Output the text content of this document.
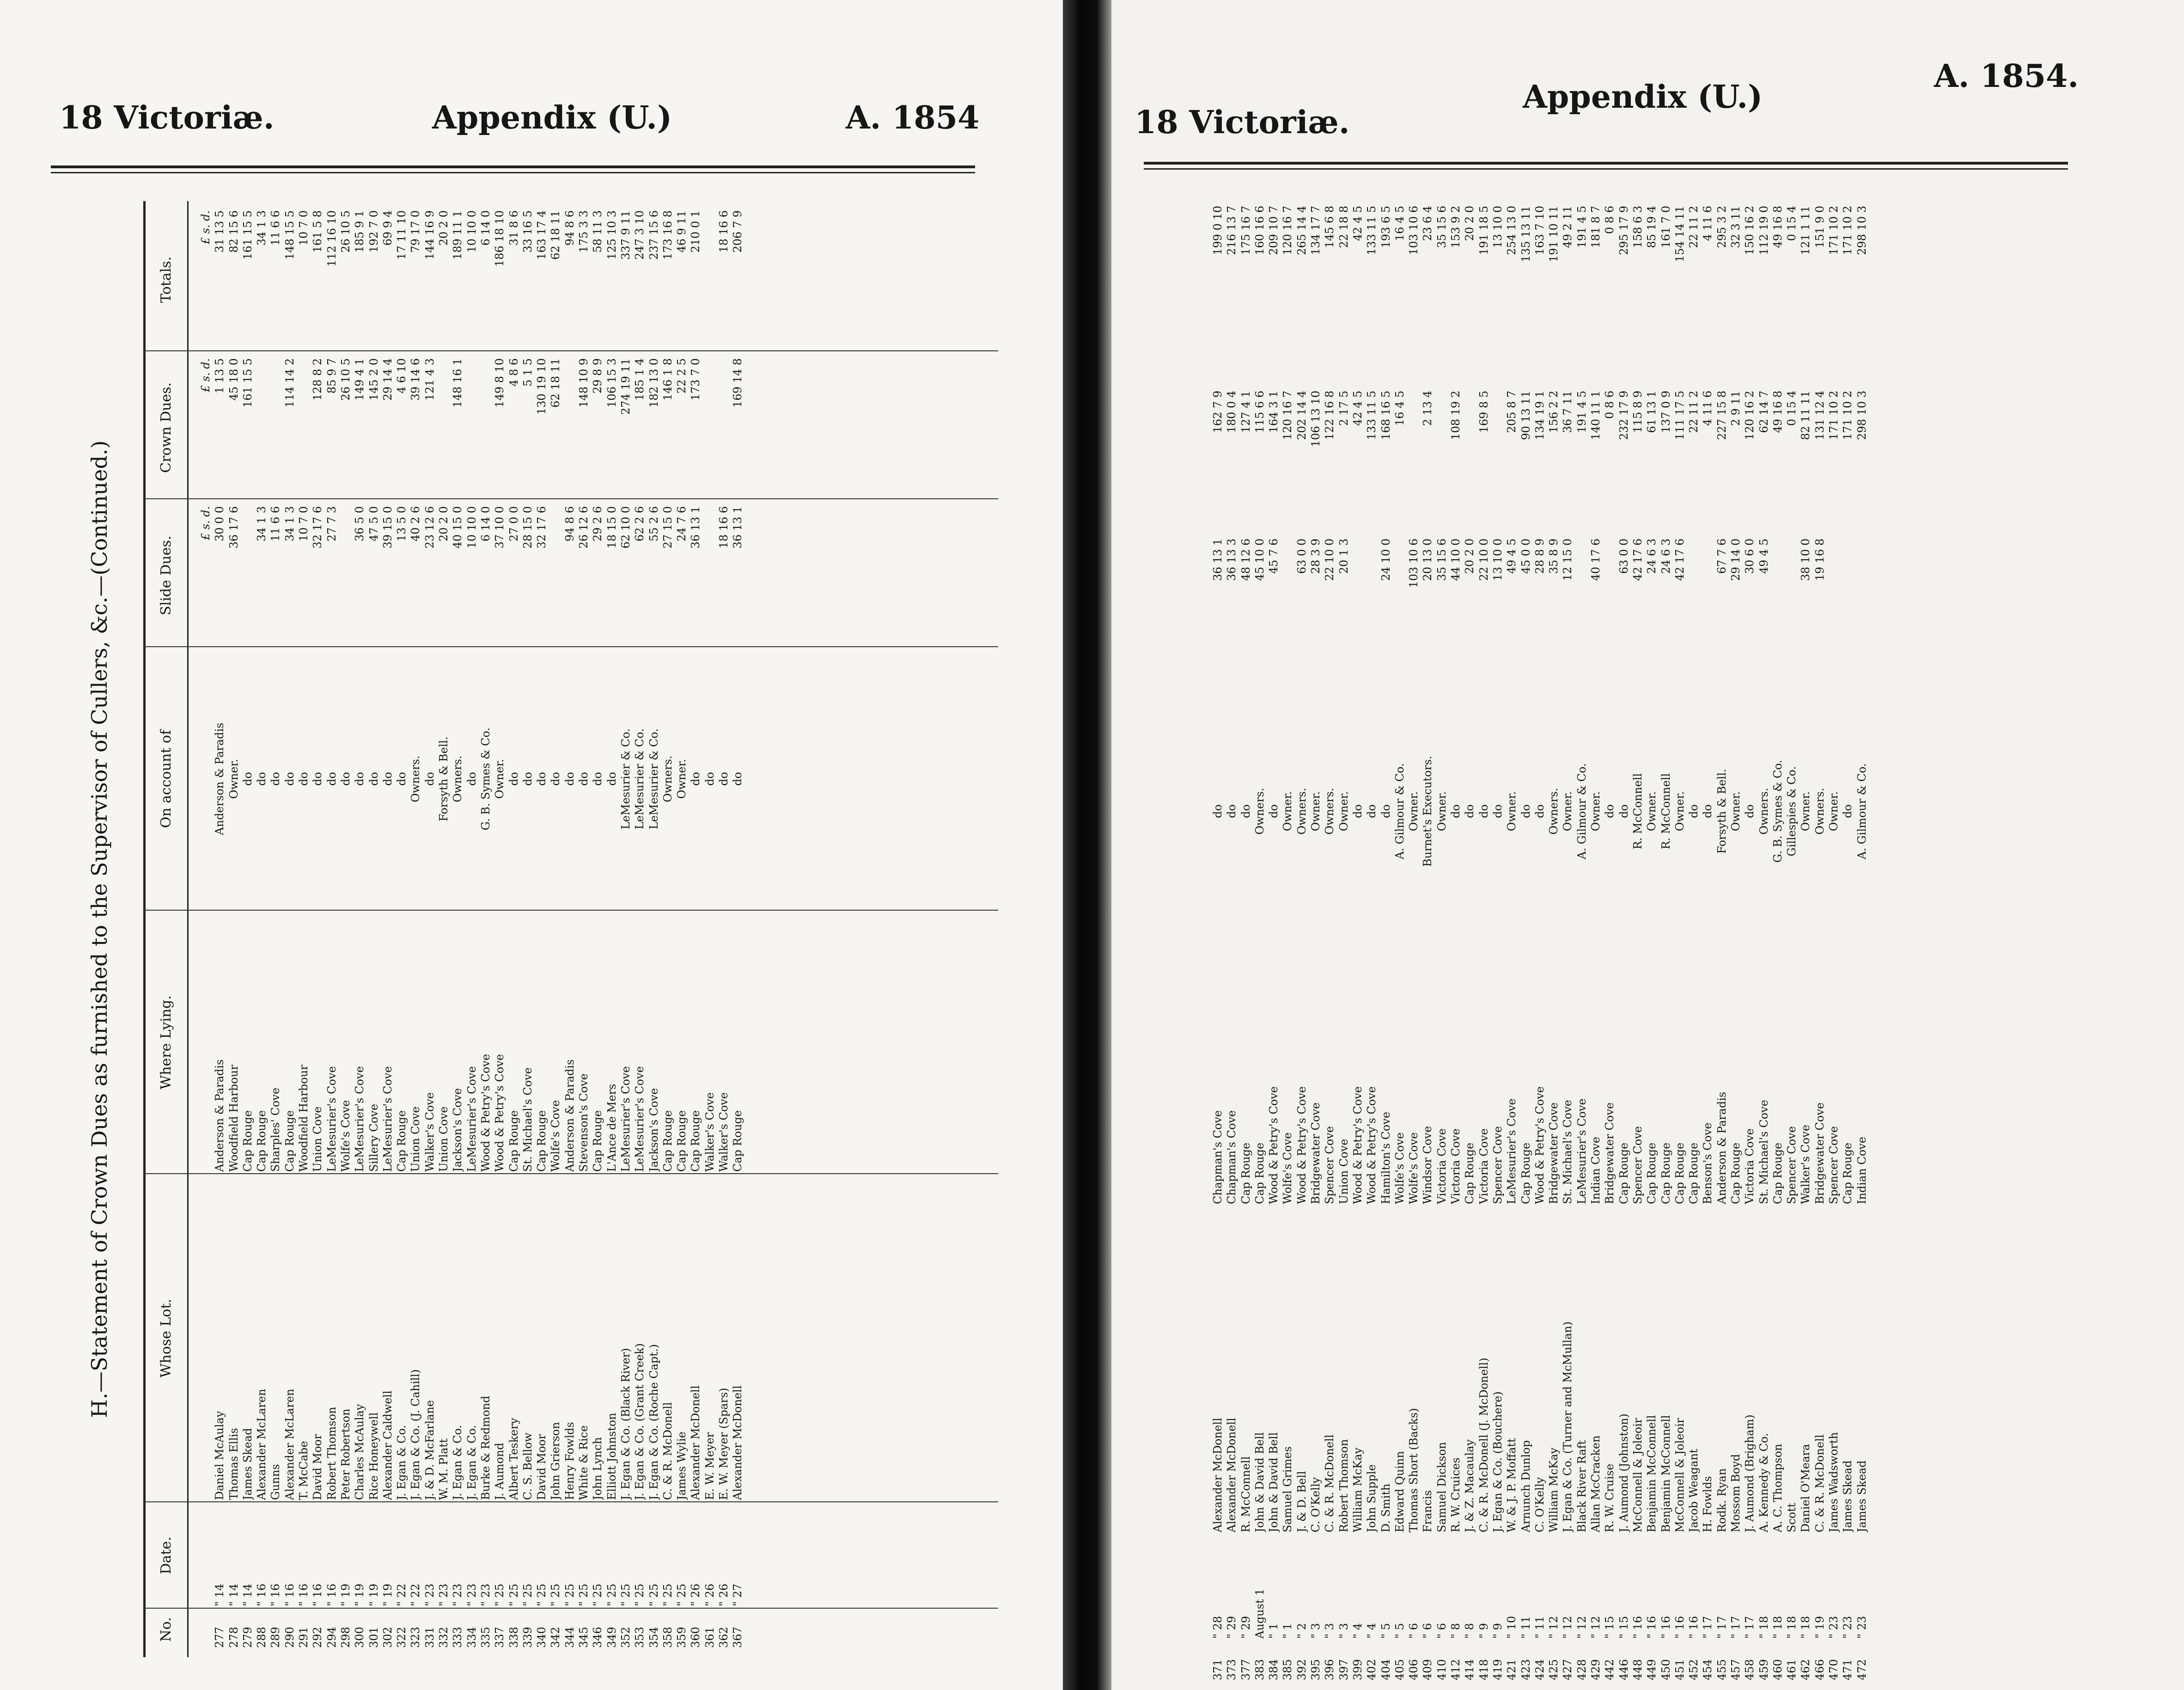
18 Victoriæ.	Appendix (U.)	A. 1854
H.—Statement of Crown Dues as furnished to the Supervisor of Cullers, &c.—(Continued.)
No.
Date.
Whose Lot.
Where Lying.
On account of
Slide Dues.
Crown Dues.
Totals.
£ s. d.
£ s. d.
£ s. d.
277
" 14
Daniel McAulay
Anderson & Paradis
Anderson & Paradis
30 0 0
1 13 5
31 13 5
278
" 14
Thomas Ellis
Woodfield Harbour
Owner.
36 17 6
45 18 0
82 15 6
279
" 14
James Skead
Cap Rouge
do
161 15 5
161 15 5
288
" 16
Alexander McLaren
Cap Rouge
do
34 1 3
34 1 3
289
" 16
Gunns
Sharples' Cove
do
11 6 6
11 6 6
290
" 16
Alexander McLaren
Cap Rouge
do
34 1 3
114 14 2
148 15 5
291
" 16
T. McCabe
Woodfield Harbour
do
10 7 0
10 7 0
292
" 16
David Moor
Union Cove
do
32 17 6
128 8 2
161 5 8
294
" 16
Robert Thomson
LeMesurier's Cove
do
27 7 3
85 9 7
112 16 10
298
" 19
Peter Robertson
Wolfe's Cove
do
26 10 5
26 10 5
300
" 19
Charles McAulay
LeMesurier's Cove
do
36 5 0
149 4 1
185 9 1
301
" 19
Rice Honeywell
Sillery Cove
do
47 5 0
145 2 0
192 7 0
302
" 19
Alexander Caldwell
LeMesurier's Cove
do
39 15 0
29 14 4
69 9 4
322
" 22
J. Egan & Co.
Cap Rouge
do
13 5 0
4 6 10
17 11 10
323
" 22
J. Egan & Co. (J. Cahill)
Union Cove
Owners.
40 2 6
39 14 6
79 17 0
331
" 23
J. & D. McFarlane
Walker's Cove
do
23 12 6
121 4 3
144 16 9
332
" 23
W. M. Platt
Union Cove
Forsyth & Bell.
20 2 0
20 2 0
333
" 23
J. Egan & Co.
Jackson's Cove
Owners.
40 15 0
148 16 1
189 11 1
334
" 23
J. Egan & Co.
LeMesurier's Cove
do
10 10 0
10 10 0
335
" 23
Burke & Redmond
Wood & Petry's Cove
G. B. Symes & Co.
6 14 0
6 14 0
337
" 25
J. Aumond
Wood & Petry's Cove
Owner.
37 10 0
149 8 10
186 18 10
338
" 25
Albert Teskery
Cap Rouge
do
27 0 0
4 8 6
31 8 6
339
" 25
C. S. Bellow
St. Michael's Cove
do
28 15 0
5 1 5
33 16 5
340
" 25
David Moor
Cap Rouge
do
32 17 6
130 19 10
163 17 4
342
" 25
John Grierson
Wolfe's Cove
do
62 18 11
62 18 11
344
" 25
Henry Fowlds
Anderson & Paradis
do
94 8 6
94 8 6
345
" 25
White & Rice
Stevenson's Cove
do
26 12 6
148 10 9
175 3 3
346
" 25
John Lynch
Cap Rouge
do
29 2 6
29 8 9
58 11 3
349
" 25
Elliott Johnston
L'Ance de Mers
do
18 15 0
106 15 3
125 10 3
352
" 25
J. Egan & Co. (Black River)
LeMesurier's Cove
LeMesurier & Co.
62 10 0
274 19 11
337 9 11
353
" 25
J. Egan & Co. (Grant Creek)
LeMesurier's Cove
LeMesurier & Co.
62 2 6
185 1 4
247 3 10
354
" 25
J. Egan & Co. (Roche Capt.)
Jackson's Cove
LeMesurier & Co.
55 2 6
182 13 0
237 15 6
358
" 25
C. & R. McDonell
Cap Rouge
Owners.
27 15 0
146 1 8
173 16 8
359
" 25
James Wylie
Cap Rouge
Owner.
24 7 6
22 2 5
46 9 11
360
" 26
Alexander McDonell
Cap Rouge
do
36 13 1
173 7 0
210 0 1
361
" 26
E. W. Meyer
Walker's Cove
do
362
" 26
E. W. Meyer (Spars)
Walker's Cove
do
18 16 6
18 16 6
367
" 27
Alexander McDonell
Cap Rouge
do
36 13 1
169 14 8
206 7 9
18 Victoriæ.
Appendix (U.)
A. 1854.
371
" 28
Alexander McDonell
Chapman's Cove
do
36 13 1
162 7 9
199 0 10
373
" 29
Alexander McDonell
Chapman's Cove
do
36 13 3
180 0 4
216 13 7
377
" 29
R. McConnell
Cap Rouge
do
48 12 6
127 4 1
175 16 7
383
August 1
John & David Bell
Cap Rouge
Owners.
45 10 0
115 6 6
160 16 6
384
" 1
John & David Bell
Wood & Petry's Cove
do
45 7 6
164 3 1
209 10 7
385
" 1
Samuel Grimes
Wolfe's Cove
Owner.
120 16 7
120 16 7
392
" 2
J. & D. Bell
Wood & Petry's Cove
Owners.
63 0 0
202 14 4
265 14 4
395
" 3
C. O'Kelly
Bridgewater Cove
Owner.
28 3 9
106 13 10
134 17 7
396
" 3
C. & R. McDonell
Spencer Cove
Owners.
22 10 0
122 16 8
145 6 8
397
" 3
Robert Thomson
Union Cove
Owner.
20 1 3
2 17 5
22 18 8
399
" 4
William McKay
Wood & Petry's Cove
do
42 4 5
42 4 5
402
" 4
John Supple
Wood & Petry's Cove
do
133 11 5
133 11 5
404
" 5
D. Smith
Hamilton's Cove
do
24 10 0
168 16 5
193 6 5
405
" 5
Edward Quinn
Wolfe's Cove
A. Gilmour & Co.
16 4 5
16 4 5
406
" 6
Thomas Short (Backs)
Wolfe's Cove
Owner.
103 10 6
103 10 6
409
" 6
Francis
Windsor Cove
Burnet's Executors.
20 13 0
2 13 4
23 6 4
410
" 6
Samuel Dickson
Victoria Cove
Owner.
35 15 6
35 15 6
412
" 8
R. W. Cruices
Victoria Cove
do
44 10 0
108 19 2
153 9 2
414
" 8
J. & Z. Macaulay
Cap Rouge
do
20 2 0
20 2 0
418
" 9
C. & R. McDonell (J. McDonell)
Victoria Cove
do
22 10 0
169 8 5
191 18 5
419
" 9
J. Egan & Co. (Bouchere)
Spencer Cove
do
13 10 0
13 10 0
421
" 10
W. & J. P. Moffatt
LeMesurier's Cove
Owner.
49 4 5
205 8 7
254 13 0
423
" 11
Arnunch Dunlop
Cap Rouge
do
45 0 0
90 13 11
135 13 11
424
" 11
C. O'Kelly
Wood & Petry's Cove
do
28 8 9
134 19 1
163 7 10
425
" 12
William McKay
Bridgewater Cove
Owners.
35 8 9
156 2 2
191 10 11
427
" 12
J. Egan & Co. (Turner and McMullan)
St. Michael's Cove
Owner.
12 15 0
36 7 11
49 2 11
428
" 12
Black River Raft
LeMesurier's Cove
A. Gilmour & Co.
191 4 5
191 4 5
429
" 12
Allan McCracken
Indian Cove
Owner.
40 17 6
140 11 1
181 8 7
442
" 15
R. W. Cruise
Bridgewater Cove
do
0 8 6
0 8 6
446
" 15
J. Aumond (Johnston)
Cap Rouge
do
63 0 0
232 17 9
295 17 9
448
" 16
McConnell & Joleoir
Spencer Cove
R. McConnell
42 17 6
115 8 9
158 6 3
449
" 16
Benjamin McConnell
Cap Rouge
Owner.
24 6 3
61 13 1
85 19 4
450
" 16
Benjamin McConnell
Cap Rouge
R. McConnell
24 6 3
137 0 9
161 7 0
451
" 16
McConnell & Joleoir
Cap Rouge
Owner.
42 17 6
111 17 5
154 14 11
452
" 16
Jacob Weagant
Cap Rouge
do
22 11 2
22 11 2
454
" 17
H. Fowlds
Benson's Cove
do
4 11 6
4 11 6
455
" 17
Rodk. Ryan
Anderson & Paradis
Forsyth & Bell.
67 7 6
227 15 8
295 3 2
457
" 17
Mossom Boyd
Cap Rouge
Owner.
29 14 0
2 9 11
32 3 11
458
" 17
J. Aumond (Brigham)
Victoria Cove
do
30 6 0
120 16 2
150 16 2
459
" 18
A. Kennedy & Co.
St. Michael's Cove
Owners.
49 4 5
62 14 7
112 19 0
460
" 18
A. C. Thompson
Cap Rouge
G. B. Symes & Co.
49 16 8
49 16 8
461
" 18
Scott
Spencer Cove
Gillespies & Co.
0 15 4
0 15 4
462
" 18
Daniel O'Meara
Walker's Cove
Owner.
38 10 0
82 11 11
121 1 11
466
" 19
C. & R. McDonell
Bridgewater Cove
Owners.
19 16 8
131 12 4
151 9 0
470
" 23
James Wadsworth
Spencer Cove
Owner.
171 10 2
171 10 2
471
" 23
James Skead
Cap Rouge
do
171 10 2
171 10 2
472
" 23
James Skead
Indian Cove
A. Gilmour & Co.
298 10 3
298 10 3
